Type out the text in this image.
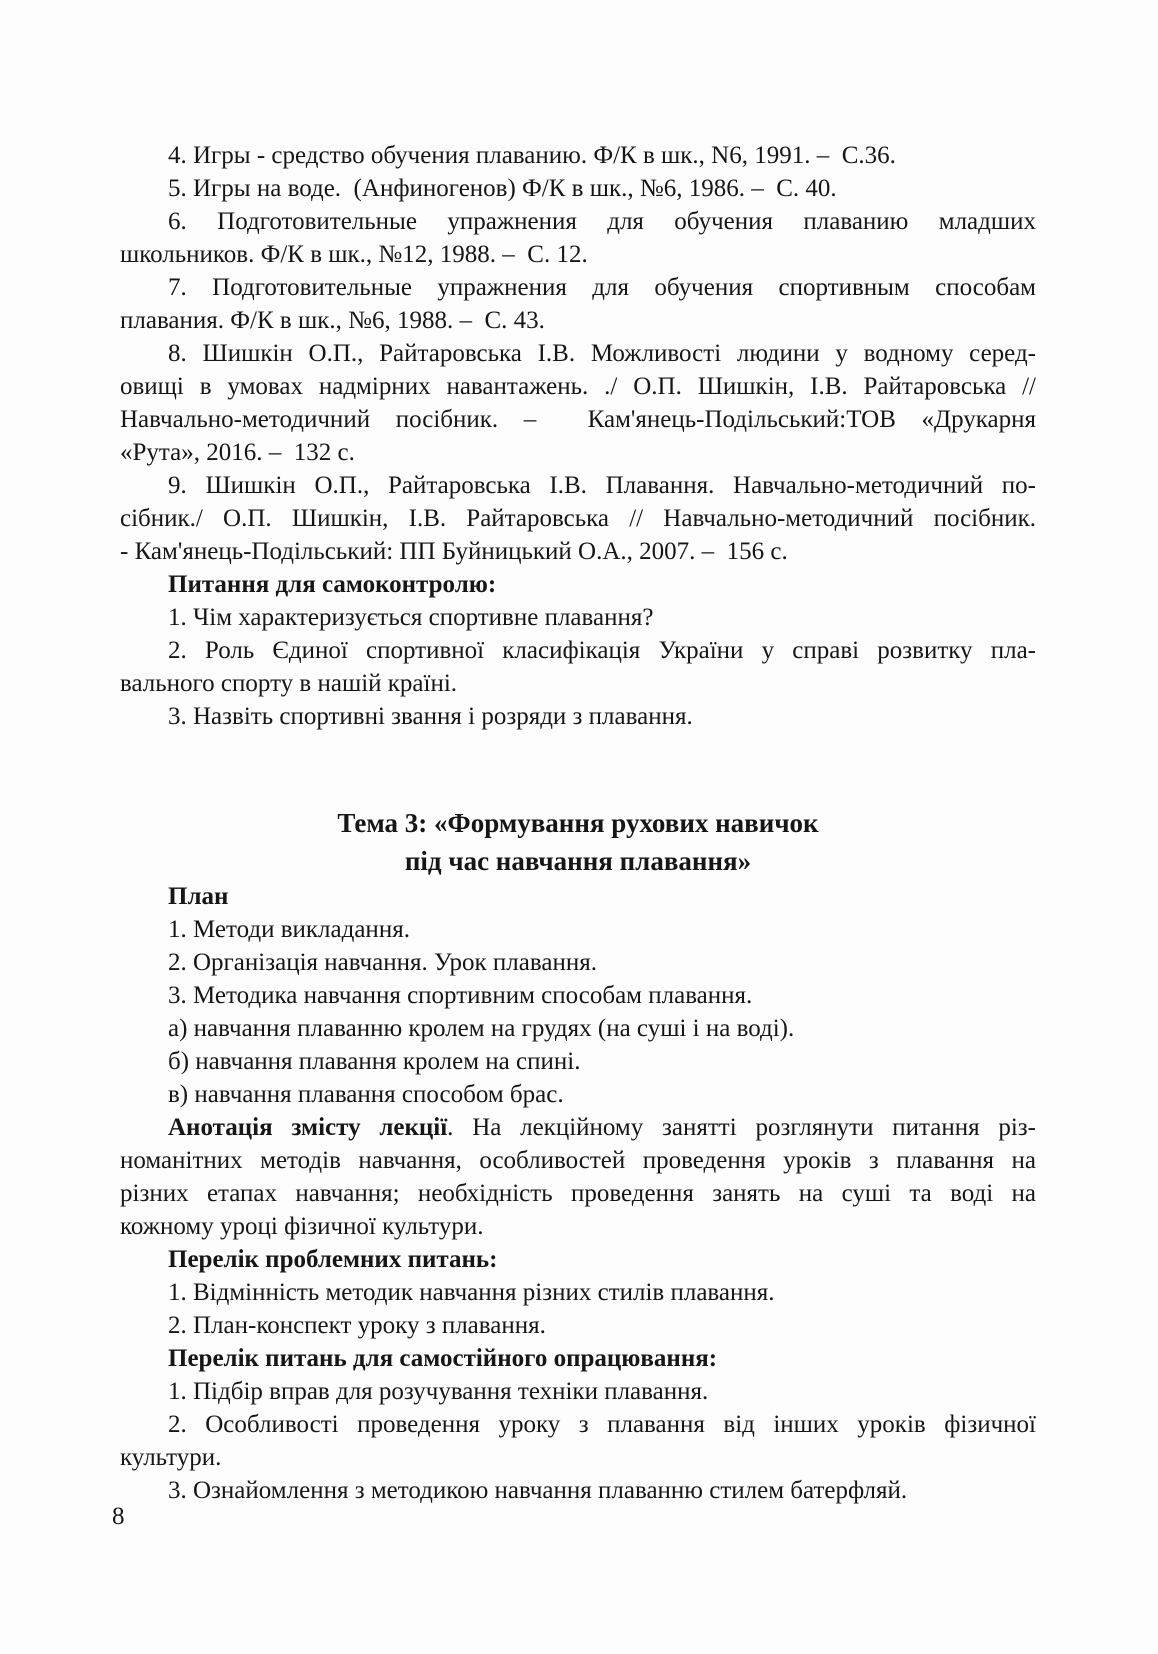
4. Игры - средство обучения плаванию. Ф/К в шк., N6, 1991. –  С.36.
5. Игры на воде.  (Анфиногенов) Ф/К в шк., №6, 1986. –  С. 40.
6. Подготовительные упражнения для обучения плаванию младших
школьников. Ф/К в шк., №12, 1988. –  С. 12.
7. Подготовительные упражнения для обучения спортивным способам
плавания. Ф/К в шк., №6, 1988. –  С. 43.
8. Шишкін О.П., Райтаровська І.В. Можливості людини у водному серед-
овищі в умовах надмірних навантажень. ./ О.П. Шишкін, І.В. Райтаровська //
Навчально-методичний посібник. –  Кам'янець-Подільський:ТОВ «Друкарня
«Рута», 2016. –  132 с.
9. Шишкін О.П., Райтаровська І.В. Плавання. Навчально-методичний по-
сібник./ О.П. Шишкін, І.В. Райтаровська // Навчально-методичний посібник.
- Кам'янець-Подільський: ПП Буйницький О.А., 2007. –  156 с.
Питання для самоконтролю:
1. Чім характеризується спортивне плавання?
2. Роль Єдиної спортивної класифікація України у справі розвитку пла-
вального спорту в нашій країні.
3. Назвіть спортивні звання і розряди з плавання.
Тема 3: «Формування рухових навичок
під час навчання плавання»
План
1. Методи викладання.
2. Організація навчання. Урок плавання.
3. Методика навчання спортивним способам плавання.
а) навчання плаванню кролем на грудях (на суші і на воді).
б) навчання плавання кролем на спині.
в) навчання плавання способом брас.
Анотація змісту лекції. На лекційному занятті розглянути питання різ-
номанітних методів навчання, особливостей проведення уроків з плавання на
різних етапах навчання; необхідність проведення занять на суші та воді на
кожному уроці фізичної культури.
Перелік проблемних питань:
1. Відмінність методик навчання різних стилів плавання.
2. План-конспект уроку з плавання.
Перелік питань для самостійного опрацювання:
1. Підбір вправ для розучування техніки плавання.
2. Особливості проведення уроку з плавання від інших уроків фізичної
культури.
3. Ознайомлення з методикою навчання плаванню стилем батерфляй.
8
